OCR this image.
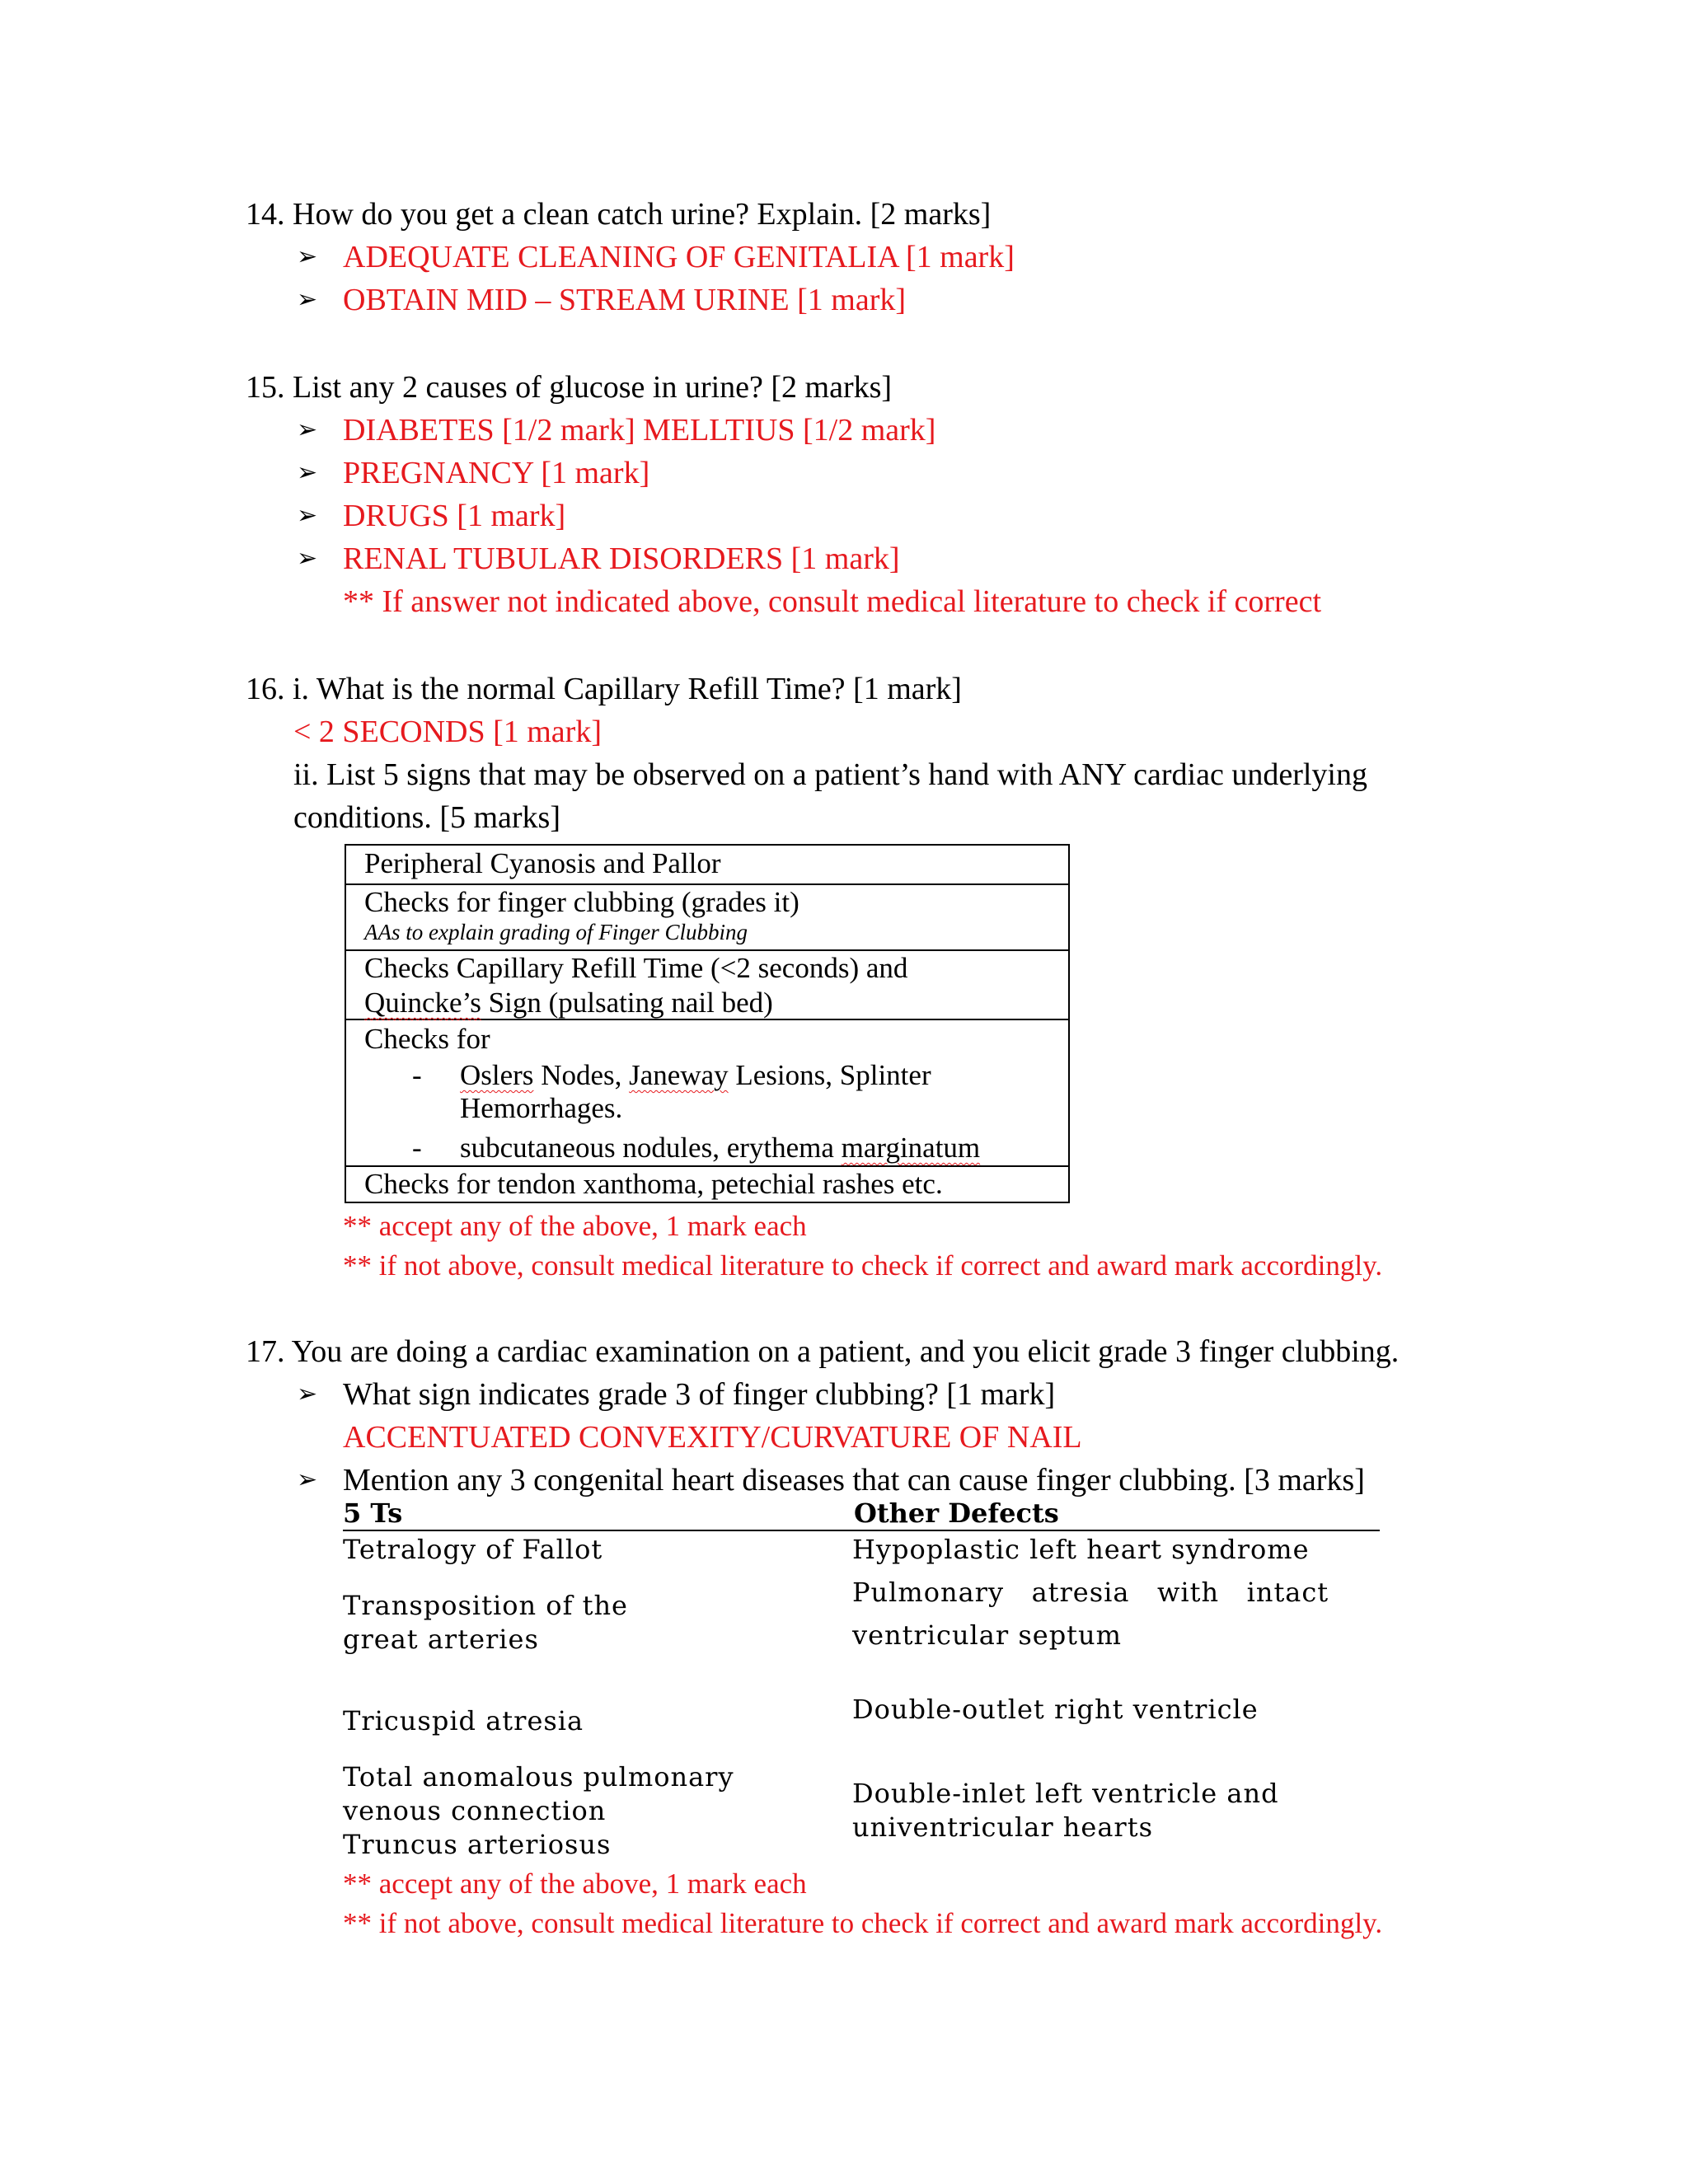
14. How do you get a clean catch urine? Explain. [2 marks]
➢ ADEQUATE CLEANING OF GENITALIA [1 mark]
➢ OBTAIN MID – STREAM URINE [1 mark]
15. List any 2 causes of glucose in urine? [2 marks]
➢ DIABETES [1/2 mark] MELLTIUS [1/2 mark]
➢ PREGNANCY [1 mark]
➢ DRUGS [1 mark]
➢ RENAL TUBULAR DISORDERS [1 mark]
** If answer not indicated above, consult medical literature to check if correct
16. i. What is the normal Capillary Refill Time? [1 mark]
< 2 SECONDS [1 mark]
ii. List 5 signs that may be observed on a patient’s hand with ANY cardiac underlying
conditions. [5 marks]
Peripheral Cyanosis and Pallor
Checks for finger clubbing (grades it)
AAs to explain grading of Finger Clubbing
Checks Capillary Refill Time (<2 seconds) and
Quincke’s Sign (pulsating nail bed)
Checks for
- Oslers Nodes, Janeway Lesions, Splinter
Hemorrhages.
- subcutaneous nodules, erythema marginatum
Checks for tendon xanthoma, petechial rashes etc.
** accept any of the above, 1 mark each
** if not above, consult medical literature to check if correct and award mark accordingly.
17. You are doing a cardiac examination on a patient, and you elicit grade 3 finger clubbing.
➢ What sign indicates grade 3 of finger clubbing? [1 mark]
ACCENTUATED CONVEXITY/CURVATURE OF NAIL
➢ Mention any 3 congenital heart diseases that can cause finger clubbing. [3 marks]
5 Ts	Other Defects
Tetralogy of Fallot
Transposition of the
great arteries
Tricuspid atresia
Total anomalous pulmonary
venous connection
Truncus arteriosus
Hypoplastic left heart syndrome
Pulmonary   atresia   with   intact
ventricular septum
Double-outlet right ventricle
Double-inlet left ventricle and
univentricular hearts
** accept any of the above, 1 mark each
** if not above, consult medical literature to check if correct and award mark accordingly.
